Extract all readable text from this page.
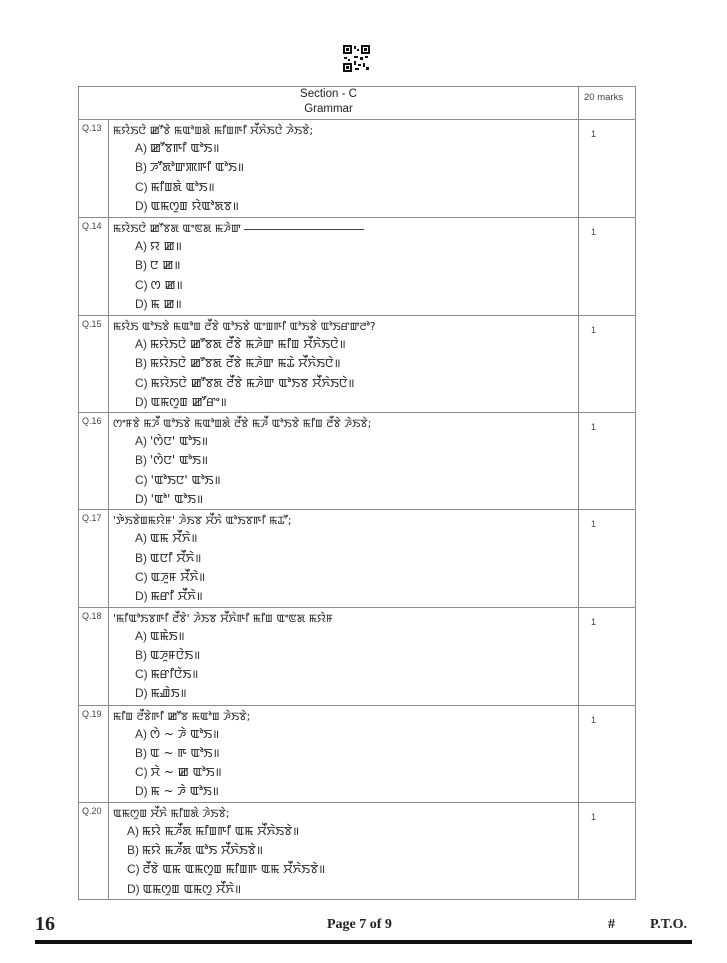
Section - C
Grammar		20 marks
Q.13	ꯃꯌꯥꯏꯅꯥ ꯀꯧꯕꯥ ꯃꯑꯣꯡꯗꯥ ꯃꯤꯡꯒꯤ ꯆꯩꯈꯥꯏꯅꯥ ꯍꯥꯏꯕꯥ;
A) ꯀꯧꯕꯒꯤ ꯑꯣꯏ॥
B) ꯍꯧꯗꯣꯛꯄꯒꯤ ꯑꯣꯏ॥
C) ꯃꯤꯡꯗꯥ ꯑꯣꯏ॥
D) ꯑꯃꯁꯨꯡ ꯌꯥꯑꯣꯗꯕ॥	1
Q.14	ꯃꯌꯥꯏꯅꯥ ꯀꯧꯕꯗ ꯑꯦꯟꯗ ꯃꯍꯥꯛ
A) ꯌ ꯀ॥
B) ꯅ ꯀ॥
C) ꯁ ꯀ॥
D) ꯃ ꯀ॥	1
Q.15	ꯃꯌꯥꯏ ꯑꯣꯏꯕꯥ ꯃꯑꯣꯡ ꯂꯩꯕꯥ ꯑꯣꯏꯕꯥ ꯑꯦꯡꯒꯤ ꯑꯣꯏꯕꯥ ꯑꯣꯏꯔꯛꯂꯣ?
A) ꯃꯌꯥꯏꯅꯥ ꯀꯧꯕꯗ ꯂꯩꯕꯥ ꯃꯍꯥꯛ ꯃꯤꯡ ꯆꯩꯈꯥꯏꯅꯥ॥
B) ꯃꯌꯥꯏꯅꯥ ꯀꯧꯕꯗ ꯂꯩꯕꯥ ꯃꯍꯥꯛ ꯃꯊꯥ ꯆꯩꯈꯥꯏꯅꯥ॥
C) ꯃꯌꯥꯏꯅꯥ ꯀꯧꯕꯗ ꯂꯩꯕꯥ ꯃꯍꯥꯛ ꯑꯣꯏꯕ ꯆꯩꯈꯥꯏꯅꯥ॥
D) ꯑꯃꯁꯨꯡ ꯀꯧꯔꯦ॥	1
Q.16	ꯁꯦꯝꯕꯥ ꯃꯍꯩ ꯑꯣꯏꯕꯥ ꯃꯑꯣꯡꯗꯥ ꯂꯩꯕꯥ ꯃꯍꯩ ꯑꯣꯏꯕꯥ ꯃꯤꯡ ꯂꯩꯕꯥ ꯍꯥꯏꯕꯥ;
A) 'ꯁꯥꯅ' ꯑꯣꯏ॥
B) 'ꯁꯥꯅ' ꯑꯣꯏ॥
C) 'ꯑꯣꯏꯅ' ꯑꯣꯏ॥
D) 'ꯑꯣ' ꯑꯣꯏ॥	1
Q.17	'ꯇꯥꯏꯕꯥꯡꯃꯌꯥꯝ' ꯍꯥꯏꯕ ꯆꯩꯈꯥ ꯑꯣꯏꯕꯒꯤ ꯃꯊꯧ;
A) ꯑꯃ ꯆꯩꯈꯥ॥
B) ꯑꯅꯤ ꯆꯩꯈꯥ॥
C) ꯑꯍꯨꯝ ꯆꯩꯈꯥ॥
D) ꯃꯔꯤ ꯆꯩꯈꯥ॥	1
Q.18	'ꯃꯤꯑꯣꯏꯕꯒꯤ ꯂꯩꯕꯥ' ꯍꯥꯏꯕ ꯆꯩꯈꯥꯒꯤ ꯃꯤꯡ ꯑꯦꯟꯗ ꯃꯌꯥꯝ
A) ꯑꯃꯥꯏ॥
B) ꯑꯍꯨꯝꯅꯥꯏ॥
C) ꯃꯔꯤꯅꯥꯏ॥
D) ꯃꯉꯥꯏ॥	1
Q.19	ꯃꯤꯡ ꯂꯩꯕꯥꯒꯤ ꯀꯧꯕ ꯃꯑꯣꯡ ꯍꯥꯏꯕꯥ;
A) ꯁꯥ ~ ꯍꯥ ꯑꯣꯏ॥
B) ꯑ ~ ꯒ ꯑꯣꯏ॥
C) ꯆꯥ ~ ꯀ ꯑꯣꯏ॥
D) ꯃ ~ ꯍꯥ ꯑꯣꯏ॥	1
Q.20	ꯑꯃꯁꯨꯡ ꯆꯩꯈꯥ ꯃꯤꯡꯗꯥ ꯍꯥꯏꯕꯥ;
A) ꯃꯌꯥ ꯃꯍꯩꯗ ꯃꯤꯡꯒꯤ ꯑꯃ ꯆꯩꯈꯥꯏꯕꯥ॥
B) ꯃꯌꯥ ꯃꯍꯩꯗ ꯑꯣꯏ ꯆꯩꯈꯥꯏꯕꯥ॥
C) ꯂꯩꯕꯥ ꯑꯃ ꯑꯃꯁꯨꯡ ꯃꯤꯡꯒ ꯑꯃ ꯆꯩꯈꯥꯏꯕꯥ॥
D) ꯑꯃꯁꯨꯡ ꯑꯃꯁꯨ ꯆꯩꯈꯥ॥	1
16	Page 7 of 9	#	P.T.O.
